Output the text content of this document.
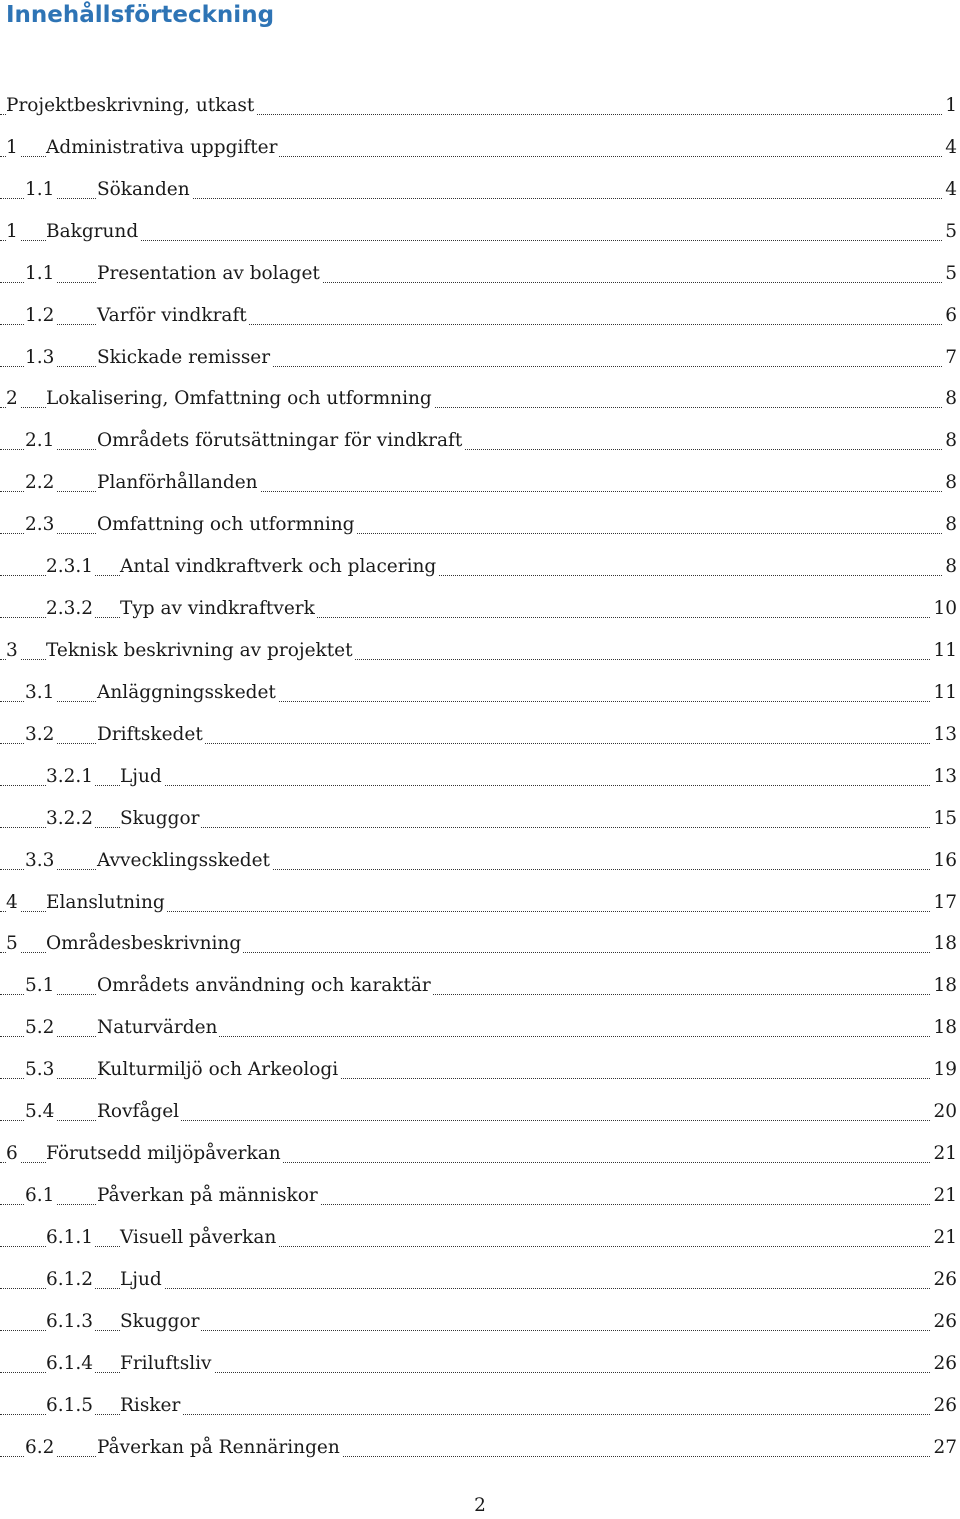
Innehållsförteckning
Projektbeskrivning, utkast	1
1 Administrativa uppgifter	4
1.1 Sökanden	4
1 Bakgrund	5
1.1 Presentation av bolaget	5
1.2 Varför vindkraft	6
1.3 Skickade remisser	7
2 Lokalisering, Omfattning och utformning	8
2.1 Områdets förutsättningar för vindkraft	8
2.2 Planförhållanden	8
2.3 Omfattning och utformning	8
2.3.1 Antal vindkraftverk och placering	8
2.3.2 Typ av vindkraftverk	10
3 Teknisk beskrivning av projektet	11
3.1 Anläggningsskedet	11
3.2 Driftskedet	13
3.2.1 Ljud	13
3.2.2 Skuggor	15
3.3 Avvecklingsskedet	16
4 Elanslutning	17
5 Områdesbeskrivning	18
5.1 Områdets användning och karaktär	18
5.2 Naturvärden	18
5.3 Kulturmiljö och Arkeologi	19
5.4 Rovfågel	20
6 Förutsedd miljöpåverkan	21
6.1 Påverkan på människor	21
6.1.1 Visuell påverkan	21
6.1.2 Ljud	26
6.1.3 Skuggor	26
6.1.4 Friluftsliv	26
6.1.5 Risker	26
6.2 Påverkan på Rennäringen	27
2
